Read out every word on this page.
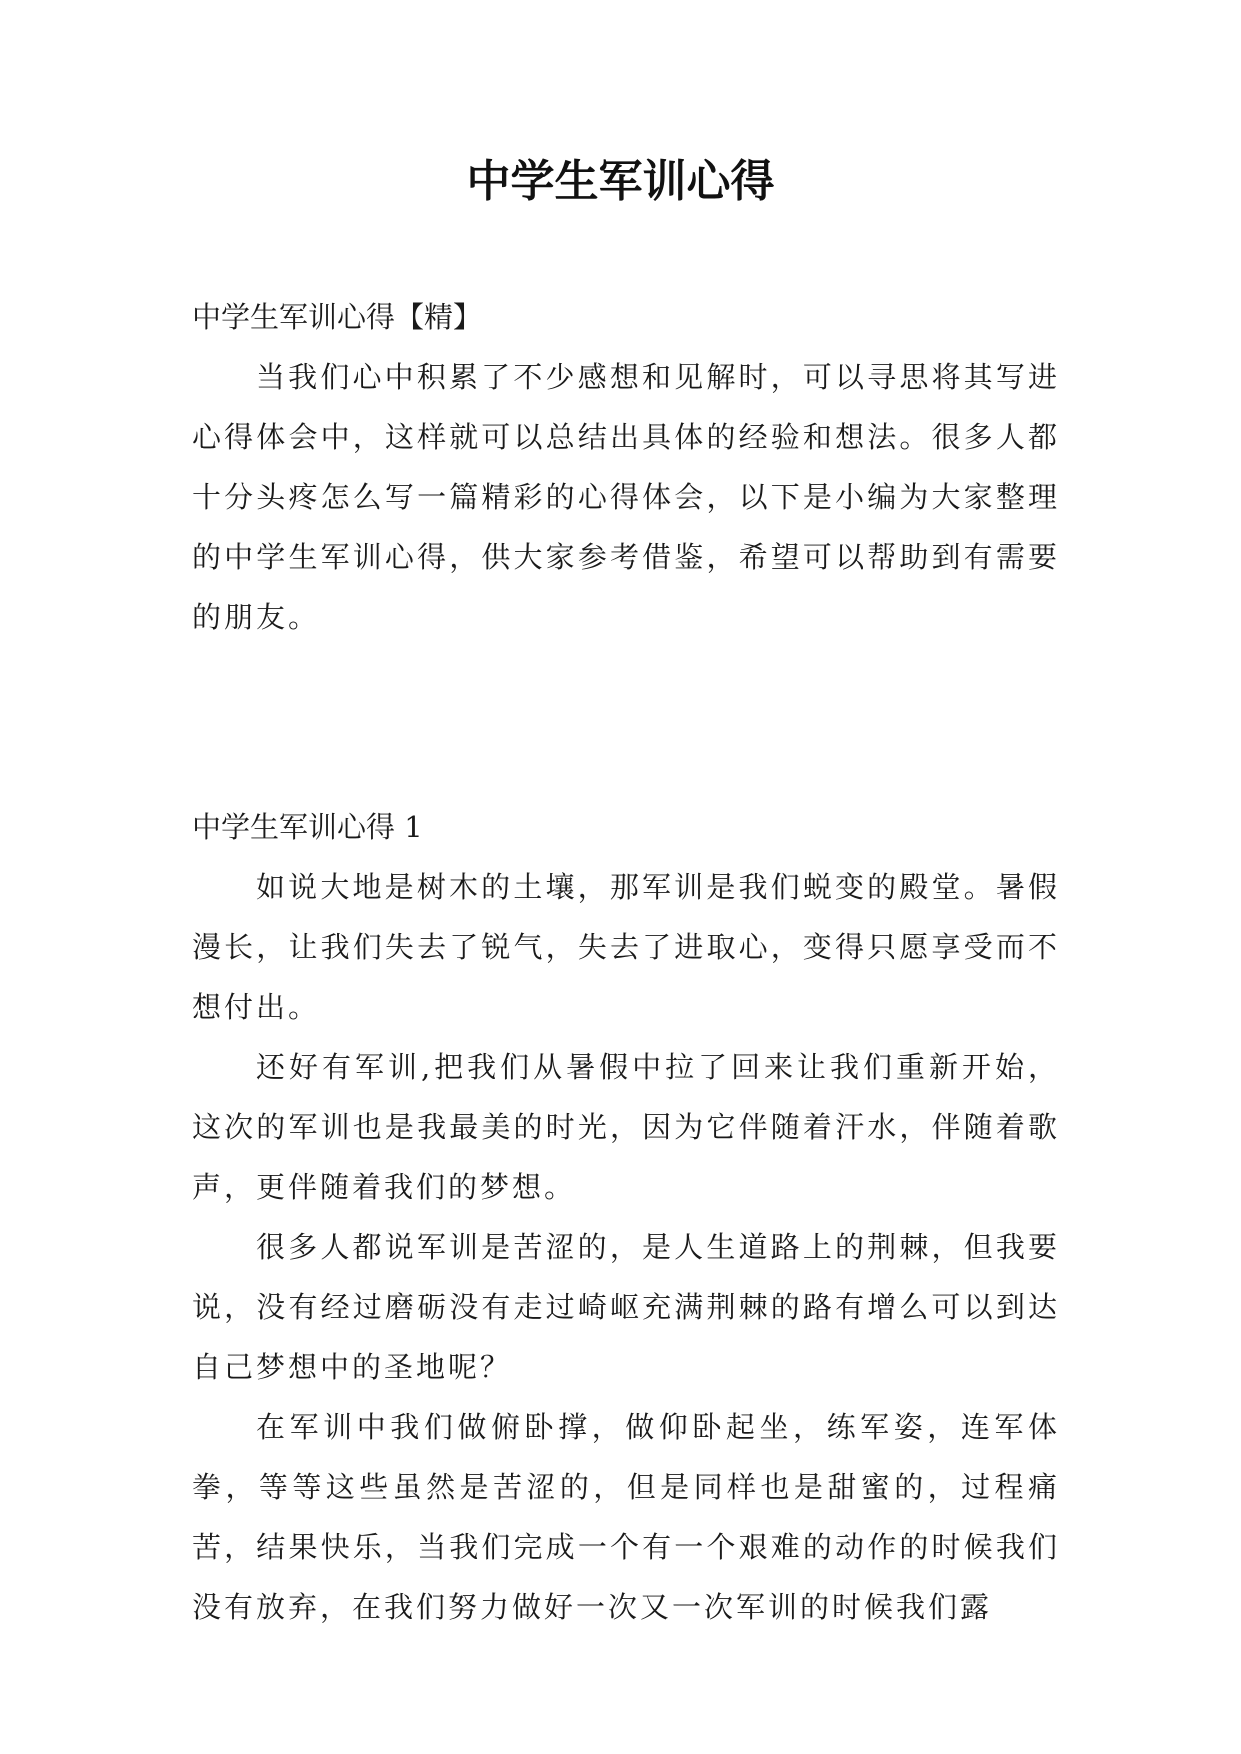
中学生军训心得
中学生军训心得【精】

当我们心中积累了不少感想和见解时，可以寻思将其写进心得体会中，这样就可以总结出具体的经验和想法。很多人都十分头疼怎么写一篇精彩的心得体会，以下是小编为大家整理的中学生军训心得，供大家参考借鉴，希望可以帮助到有需要的朋友。

中学生军训心得 1

如说大地是树木的土壤，那军训是我们蜕变的殿堂。暑假漫长，让我们失去了锐气，失去了进取心，变得只愿享受而不想付出。

还好有军训,把我们从暑假中拉了回来让我们重新开始，这次的军训也是我最美的时光，因为它伴随着汗水，伴随着歌声，更伴随着我们的梦想。

很多人都说军训是苦涩的，是人生道路上的荆棘，但我要说，没有经过磨砺没有走过崎岖充满荆棘的路有增么可以到达自己梦想中的圣地呢？

在军训中我们做俯卧撑，做仰卧起坐，练军姿，连军体拳，等等这些虽然是苦涩的，但是同样也是甜蜜的，过程痛苦，结果快乐，当我们完成一个有一个艰难的动作的时候我们没有放弃，在我们努力做好一次又一次军训的时候我们露
